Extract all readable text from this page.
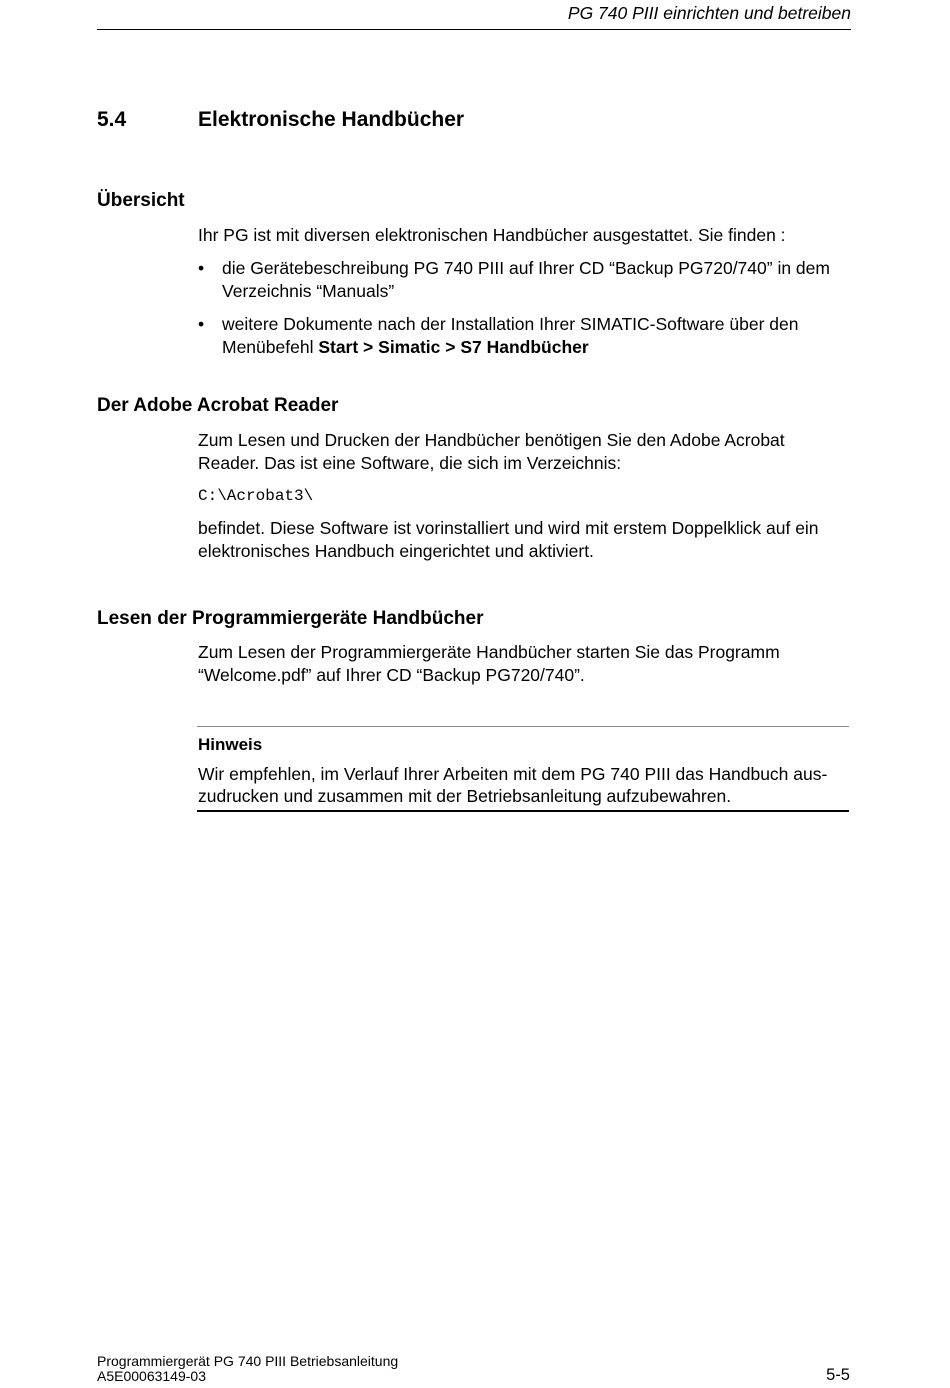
PG 740 PIII einrichten und betreiben
5.4	Elektronische Handbücher
Übersicht

Ihr PG ist mit diversen elektronischen Handbücher ausgestattet. Sie finden :

• die Gerätebeschreibung PG 740 PIII auf Ihrer CD “Backup PG720/740” in dem Verzeichnis “Manuals”
• weitere Dokumente nach der Installation Ihrer SIMATIC-Software über den Menübefehl Start > Simatic > S7 Handbücher
Der Adobe Acrobat Reader

Zum Lesen und Drucken der Handbücher benötigen Sie den Adobe Acrobat Reader. Das ist eine Software, die sich im Verzeichnis:

C:\Acrobat3\

befindet. Diese Software ist vorinstalliert und wird mit erstem Doppelklick auf ein elektronisches Handbuch eingerichtet und aktiviert.

Lesen der Programmiergeräte Handbücher

Zum Lesen der Programmiergeräte Handbücher starten Sie das Programm “Welcome.pdf” auf Ihrer CD “Backup PG720/740”.

Hinweis

Wir empfehlen, im Verlauf Ihrer Arbeiten mit dem PG 740 PIII das Handbuch aus-zudrucken und zusammen mit der Betriebsanleitung aufzubewahren.

Programmiergerät PG 740 PIII Betriebsanleitung
A5E00063149-03	5-5
